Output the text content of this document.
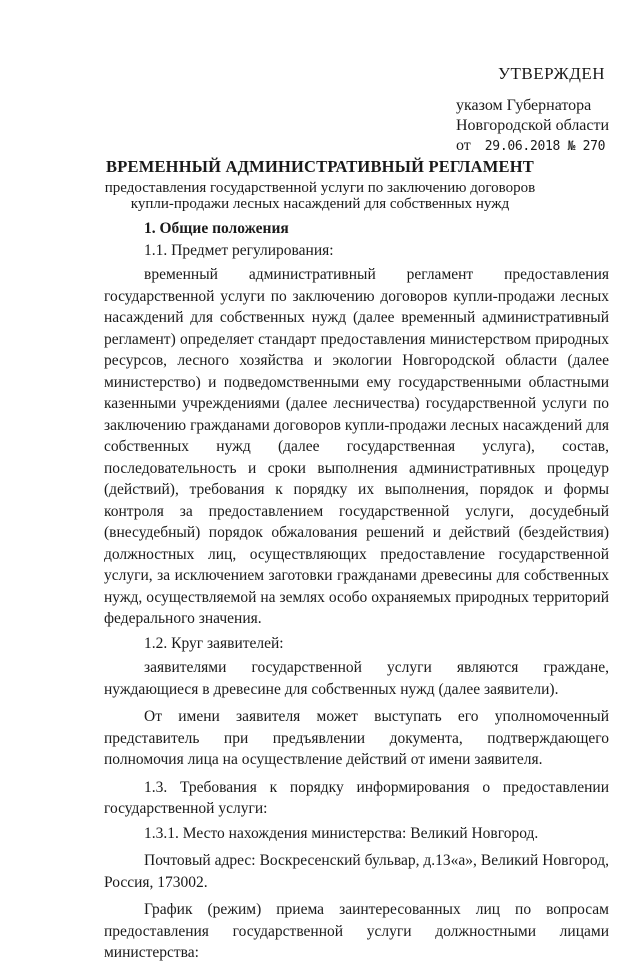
УТВЕРЖДЕН
указом Губернатора
Новгородской области
от 29.06.2018 № 270
ВРЕМЕННЫЙ АДМИНИСТРАТИВНЫЙ РЕГЛАМЕНТ
предоставления государственной услуги по заключению договоров
купли-продажи лесных насаждений для собственных нужд

1. Общие положения

1.1. Предмет регулирования:

временный административный регламент предоставления государственной услуги по заключению договоров купли-продажи лесных насаждений для собственных нужд (далее временный административный регламент) определяет стандарт предоставления министерством природных ресурсов, лесного хозяйства и экологии Новгородской области (далее министерство) и подведомственными ему государственными областными казенными учреждениями (далее лесничества) государственной услуги по заключению гражданами договоров купли-продажи лесных насаждений для собственных нужд (далее государственная услуга), состав, последовательность и сроки выполнения административных процедур (действий), требования к порядку их выполнения, порядок и формы контроля за предоставлением государственной услуги, досудебный (внесудебный) порядок обжалования решений и действий (бездействия) должностных лиц, осуществляющих предоставление государственной услуги, за исключением заготовки гражданами древесины для собственных нужд, осуществляемой на землях особо охраняемых природных территорий федерального значения.

1.2. Круг заявителей:

заявителями государственной услуги являются граждане, нуждающиеся в древесине для собственных нужд (далее заявители).

От имени заявителя может выступать его уполномоченный представитель при предъявлении документа, подтверждающего полномочия лица на осуществление действий от имени заявителя.

1.3. Требования к порядку информирования о предоставлении государственной услуги:

1.3.1. Место нахождения министерства: Великий Новгород.

Почтовый адрес: Воскресенский бульвар, д.13«а», Великий Новгород, Россия, 173002.

График (режим) приема заинтересованных лиц по вопросам предоставления государственной услуги должностными лицами министерства:
